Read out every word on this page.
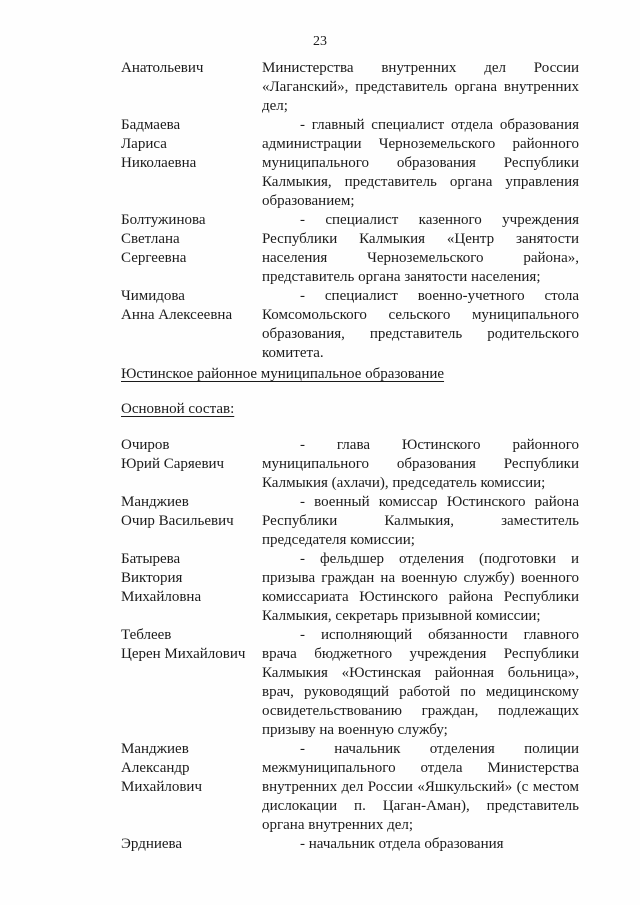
23
Анатольевич	Министерства внутренних дел России «Лаганский», представитель органа внутренних дел;
Бадмаева
Лариса
Николаевна
- главный специалист отдела образования администрации Черноземельского районного муниципального образования Республики Калмыкия, представитель органа управления образованием;
Болтужинова
Светлана
Сергеевна
- специалист казенного учреждения Республики Калмыкия «Центр занятости населения Черноземельского района», представитель органа занятости населения;
Чимидова
Анна Алексеевна
- специалист военно-учетного стола Комсомольского сельского муниципального образования, представитель родительского комитета.
Юстинское районное муниципальное образование
Основной состав:
Очиров
Юрий Саряевич
- глава Юстинского районного муниципального образования Республики Калмыкия (ахлачи), председатель комиссии;
Манджиев
Очир Васильевич
- военный комиссар Юстинского района Республики Калмыкия, заместитель председателя комиссии;
Батырева
Виктория
Михайловна
- фельдшер отделения (подготовки и призыва граждан на военную службу) военного комиссариата Юстинского района Республики Калмыкия, секретарь призывной комиссии;
Теблеев
Церен Михайлович
- исполняющий обязанности главного врача бюджетного учреждения Республики Калмыкия «Юстинская районная больница», врач, руководящий работой по медицинскому освидетельствованию граждан, подлежащих призыву на военную службу;
Манджиев
Александр
Михайлович
- начальник отделения полиции межмуниципального отдела Министерства внутренних дел России «Яшкульский» (с местом дислокации п. Цаган-Аман), представитель органа внутренних дел;
Эрдниева	- начальник отдела образования
